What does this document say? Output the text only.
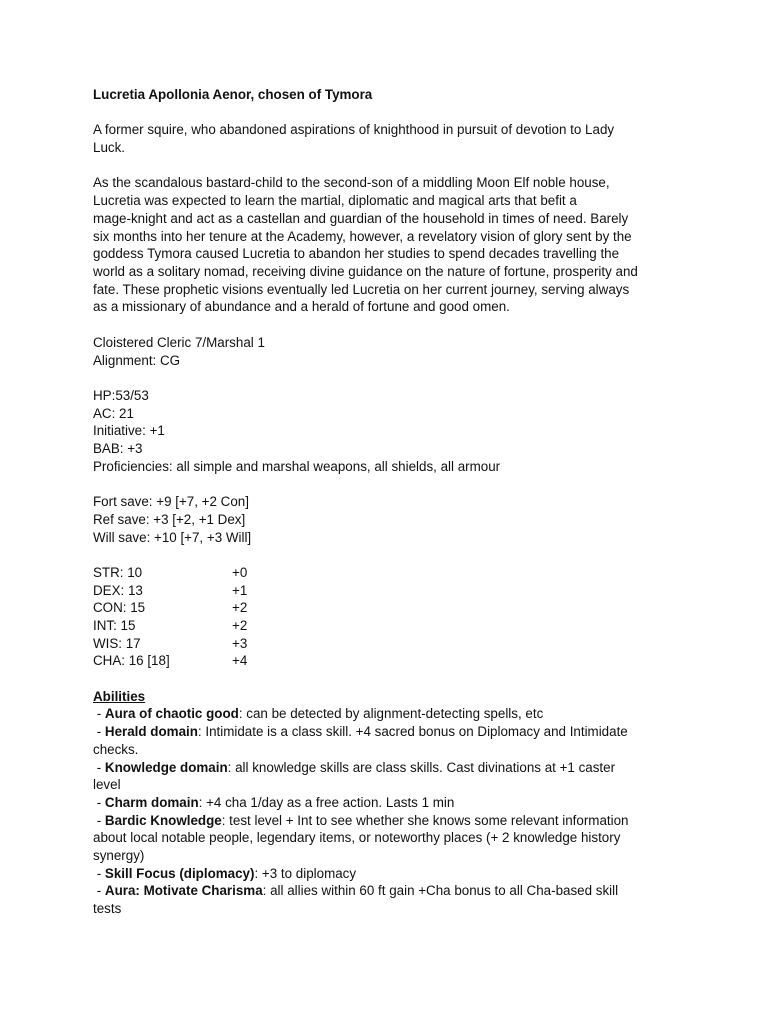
Lucretia Apollonia Aenor, chosen of Tymora
A former squire, who abandoned aspirations of knighthood in pursuit of devotion to Lady
Luck.
As the scandalous bastard-child to the second-son of a middling Moon Elf noble house,
Lucretia was expected to learn the martial, diplomatic and magical arts that befit a
mage-knight and act as a castellan and guardian of the household in times of need. Barely
six months into her tenure at the Academy, however, a revelatory vision of glory sent by the
goddess Tymora caused Lucretia to abandon her studies to spend decades travelling the
world as a solitary nomad, receiving divine guidance on the nature of fortune, prosperity and
fate. These prophetic visions eventually led Lucretia on her current journey, serving always
as a missionary of abundance and a herald of fortune and good omen.
Cloistered Cleric 7/Marshal 1
Alignment: CG
HP:53/53
AC: 21
Initiative: +1
BAB: +3
Proficiencies: all simple and marshal weapons, all shields, all armour
Fort save: +9 [+7, +2 Con]
Ref save: +3 [+2, +1 Dex]
Will save: +10 [+7, +3 Will]
STR: 10	+0
DEX: 13	+1
CON: 15	+2
INT: 15	+2
WIS: 17	+3
CHA: 16 [18]	+4
Abilities
- Aura of chaotic good: can be detected by alignment-detecting spells, etc
- Herald domain: Intimidate is a class skill. +4 sacred bonus on Diplomacy and Intimidate
checks.
- Knowledge domain: all knowledge skills are class skills. Cast divinations at +1 caster
level
- Charm domain: +4 cha 1/day as a free action. Lasts 1 min
- Bardic Knowledge: test level + Int to see whether she knows some relevant information
about local notable people, legendary items, or noteworthy places (+ 2 knowledge history
synergy)
- Skill Focus (diplomacy): +3 to diplomacy
- Aura: Motivate Charisma: all allies within 60 ft gain +Cha bonus to all Cha-based skill
tests
